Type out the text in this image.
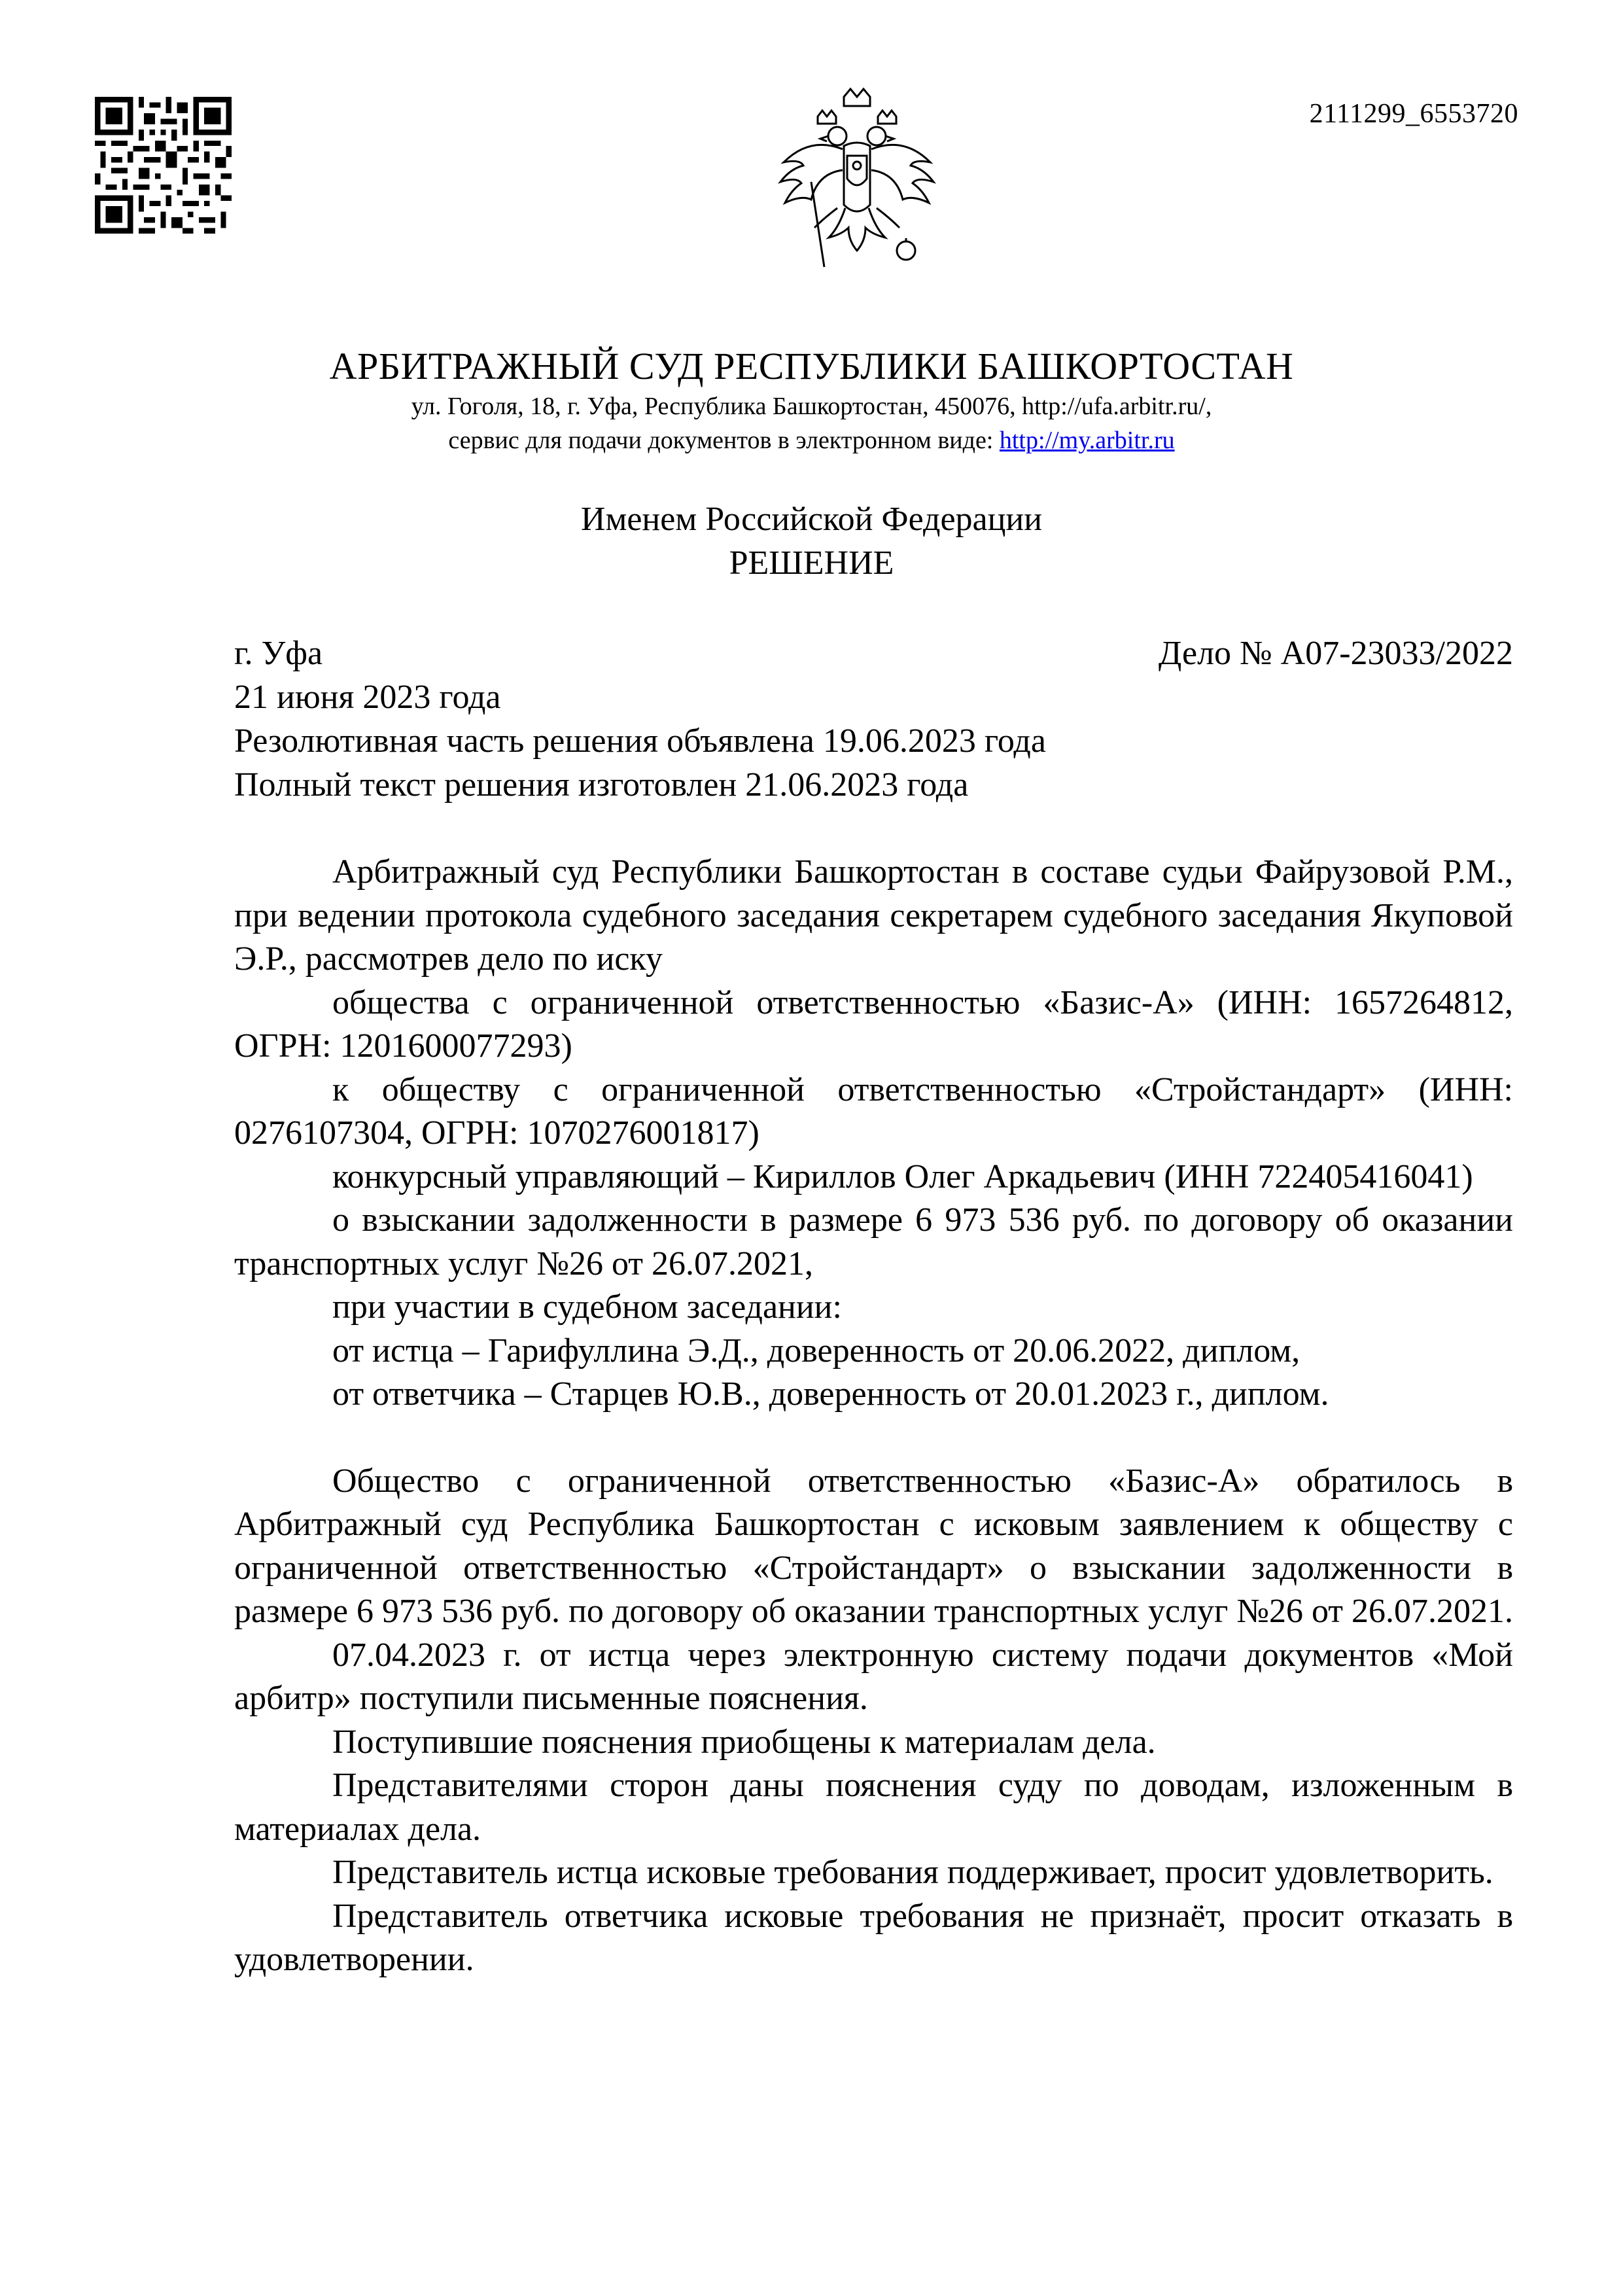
2111299_6553720
АРБИТРАЖНЫЙ СУД РЕСПУБЛИКИ БАШКОРТОСТАН
ул. Гоголя, 18, г. Уфа, Республика Башкортостан, 450076, http://ufa.arbitr.ru/,
сервис для подачи документов в электронном виде: http://my.arbitr.ru
Именем Российской Федерации
РЕШЕНИЕ
г. Уфа	Дело № А07-23033/2022
21 июня 2023 года
Резолютивная часть решения объявлена 19.06.2023 года
Полный текст решения изготовлен 21.06.2023 года

Арбитражный суд Республики Башкортостан в составе судьи Файрузовой Р.М., при ведении протокола судебного заседания секретарем судебного заседания Якуповой Э.Р., рассмотрев дело по иску

общества с ограниченной ответственностью «Базис-А» (ИНН: 1657264812, ОГРН: 1201600077293)

к обществу с ограниченной ответственностью «Стройстандарт» (ИНН: 0276107304, ОГРН: 1070276001817)

конкурсный управляющий – Кириллов Олег Аркадьевич (ИНН 722405416041)

о взыскании задолженности в размере 6 973 536 руб. по договору об оказании транспортных услуг №26 от 26.07.2021,

при участии в судебном заседании:

от истца – Гарифуллина Э.Д., доверенность от 20.06.2022, диплом,

от ответчика – Старцев Ю.В., доверенность от 20.01.2023 г., диплом.

Общество с ограниченной ответственностью «Базис-А» обратилось в Арбитражный суд Республика Башкортостан с исковым заявлением к обществу с ограниченной ответственностью «Стройстандарт» о взыскании задолженности в размере 6 973 536 руб. по договору об оказании транспортных услуг №26 от 26.07.2021.

07.04.2023 г. от истца через электронную систему подачи документов «Мой арбитр» поступили письменные пояснения.

Поступившие пояснения приобщены к материалам дела.

Представителями сторон даны пояснения суду по доводам, изложенным в материалах дела.

Представитель истца исковые требования поддерживает, просит удовлетворить.

Представитель ответчика исковые требования не признаёт, просит отказать в удовлетворении.
